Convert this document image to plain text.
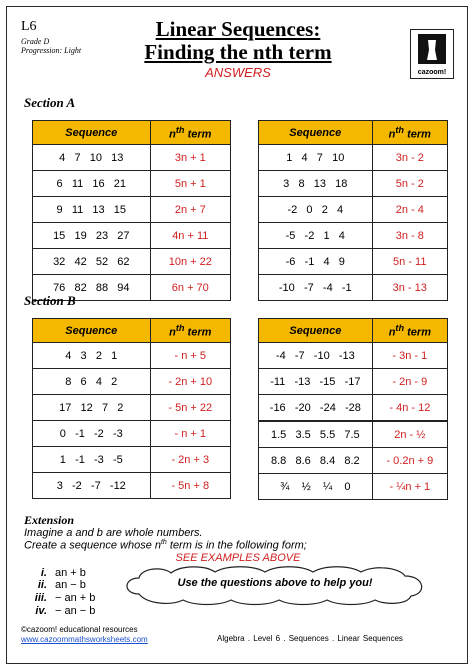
L6
Grade D
Progression: Light
Linear Sequences:
Finding the nth term
ANSWERS	cazoom!
Section A
Sequence	$n^{th}$ term
4   7   10   13	3n + 1
6   11   16   21	5n + 1
9   11   13   15	2n + 7
15   19   23   27	4n + 11
32   42   52   62	10n + 22
76   82   88   94	6n + 70
Sequence	$n^{th}$ term
1   4   7   10	3n - 2
3   8   13   18	5n - 2
-2   0   2   4	2n - 4
-5   -2   1   4	3n - 8
-6   -1   4   9	5n - 11
-10   -7   -4   -1	3n - 13
Section B
Sequence	$n^{th}$ term
4   3   2   1	- n + 5
8   6   4   2	- 2n + 10
17   12   7   2	- 5n + 22
0   -1   -2   -3	- n + 1
1   -1   -3   -5	- 2n + 3
3   -2   -7   -12	- 5n + 8
Sequence	$n^{th}$ term
-4   -7   -10   -13	- 3n - 1
-11   -13   -15   -17	- 2n - 9
-16   -20   -24   -28	- 4n - 12
1.5   3.5   5.5   7.5	2n - ½
8.8   8.6   8.4   8.2	- 0.2n + 9
¾    ½    ¼    0	- ¼n + 1
Extension
Imagine a and b are whole numbers.
Create a sequence whose $n^{th}$ term is in the following form;
SEE EXAMPLES ABOVE
i. an + b
ii. an − b
iii. − an + b
iv. − an − b
Use the questions above to help you!
©cazoom! educational resources
www.cazoommathsworksheets.com	Algebra . Level 6 . Sequences . Linear Sequences
